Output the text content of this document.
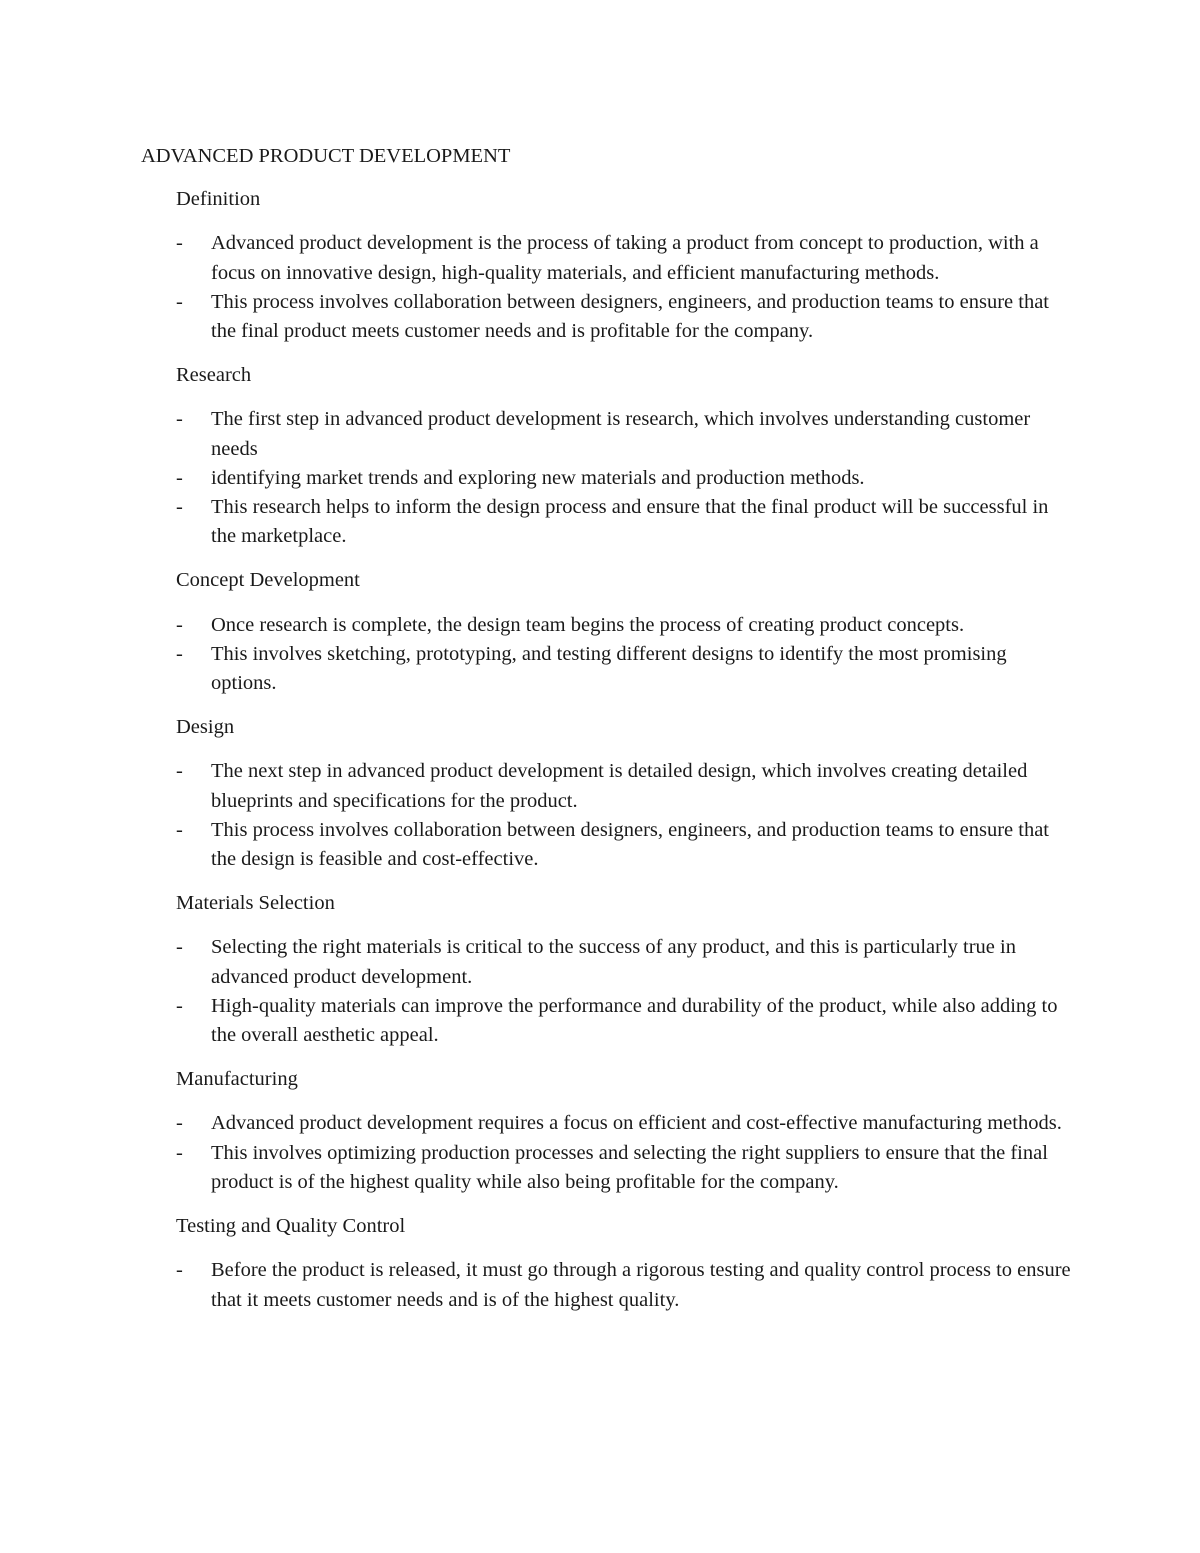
ADVANCED PRODUCT DEVELOPMENT
Definition
- Advanced product development is the process of taking a product from concept to production, with a focus on innovative design, high-quality materials, and efficient manufacturing methods.
- This process involves collaboration between designers, engineers, and production teams to ensure that the final product meets customer needs and is profitable for the company.
Research
- The first step in advanced product development is research, which involves understanding customer needs
- identifying market trends and exploring new materials and production methods.
- This research helps to inform the design process and ensure that the final product will be successful in the marketplace.
Concept Development
- Once research is complete, the design team begins the process of creating product concepts.
- This involves sketching, prototyping, and testing different designs to identify the most promising options.
Design
- The next step in advanced product development is detailed design, which involves creating detailed blueprints and specifications for the product.
- This process involves collaboration between designers, engineers, and production teams to ensure that the design is feasible and cost-effective.
Materials Selection
- Selecting the right materials is critical to the success of any product, and this is particularly true in advanced product development.
- High-quality materials can improve the performance and durability of the product, while also adding to the overall aesthetic appeal.
Manufacturing
- Advanced product development requires a focus on efficient and cost-effective manufacturing methods.
- This involves optimizing production processes and selecting the right suppliers to ensure that the final product is of the highest quality while also being profitable for the company.
Testing and Quality Control
- Before the product is released, it must go through a rigorous testing and quality control process to ensure that it meets customer needs and is of the highest quality.
